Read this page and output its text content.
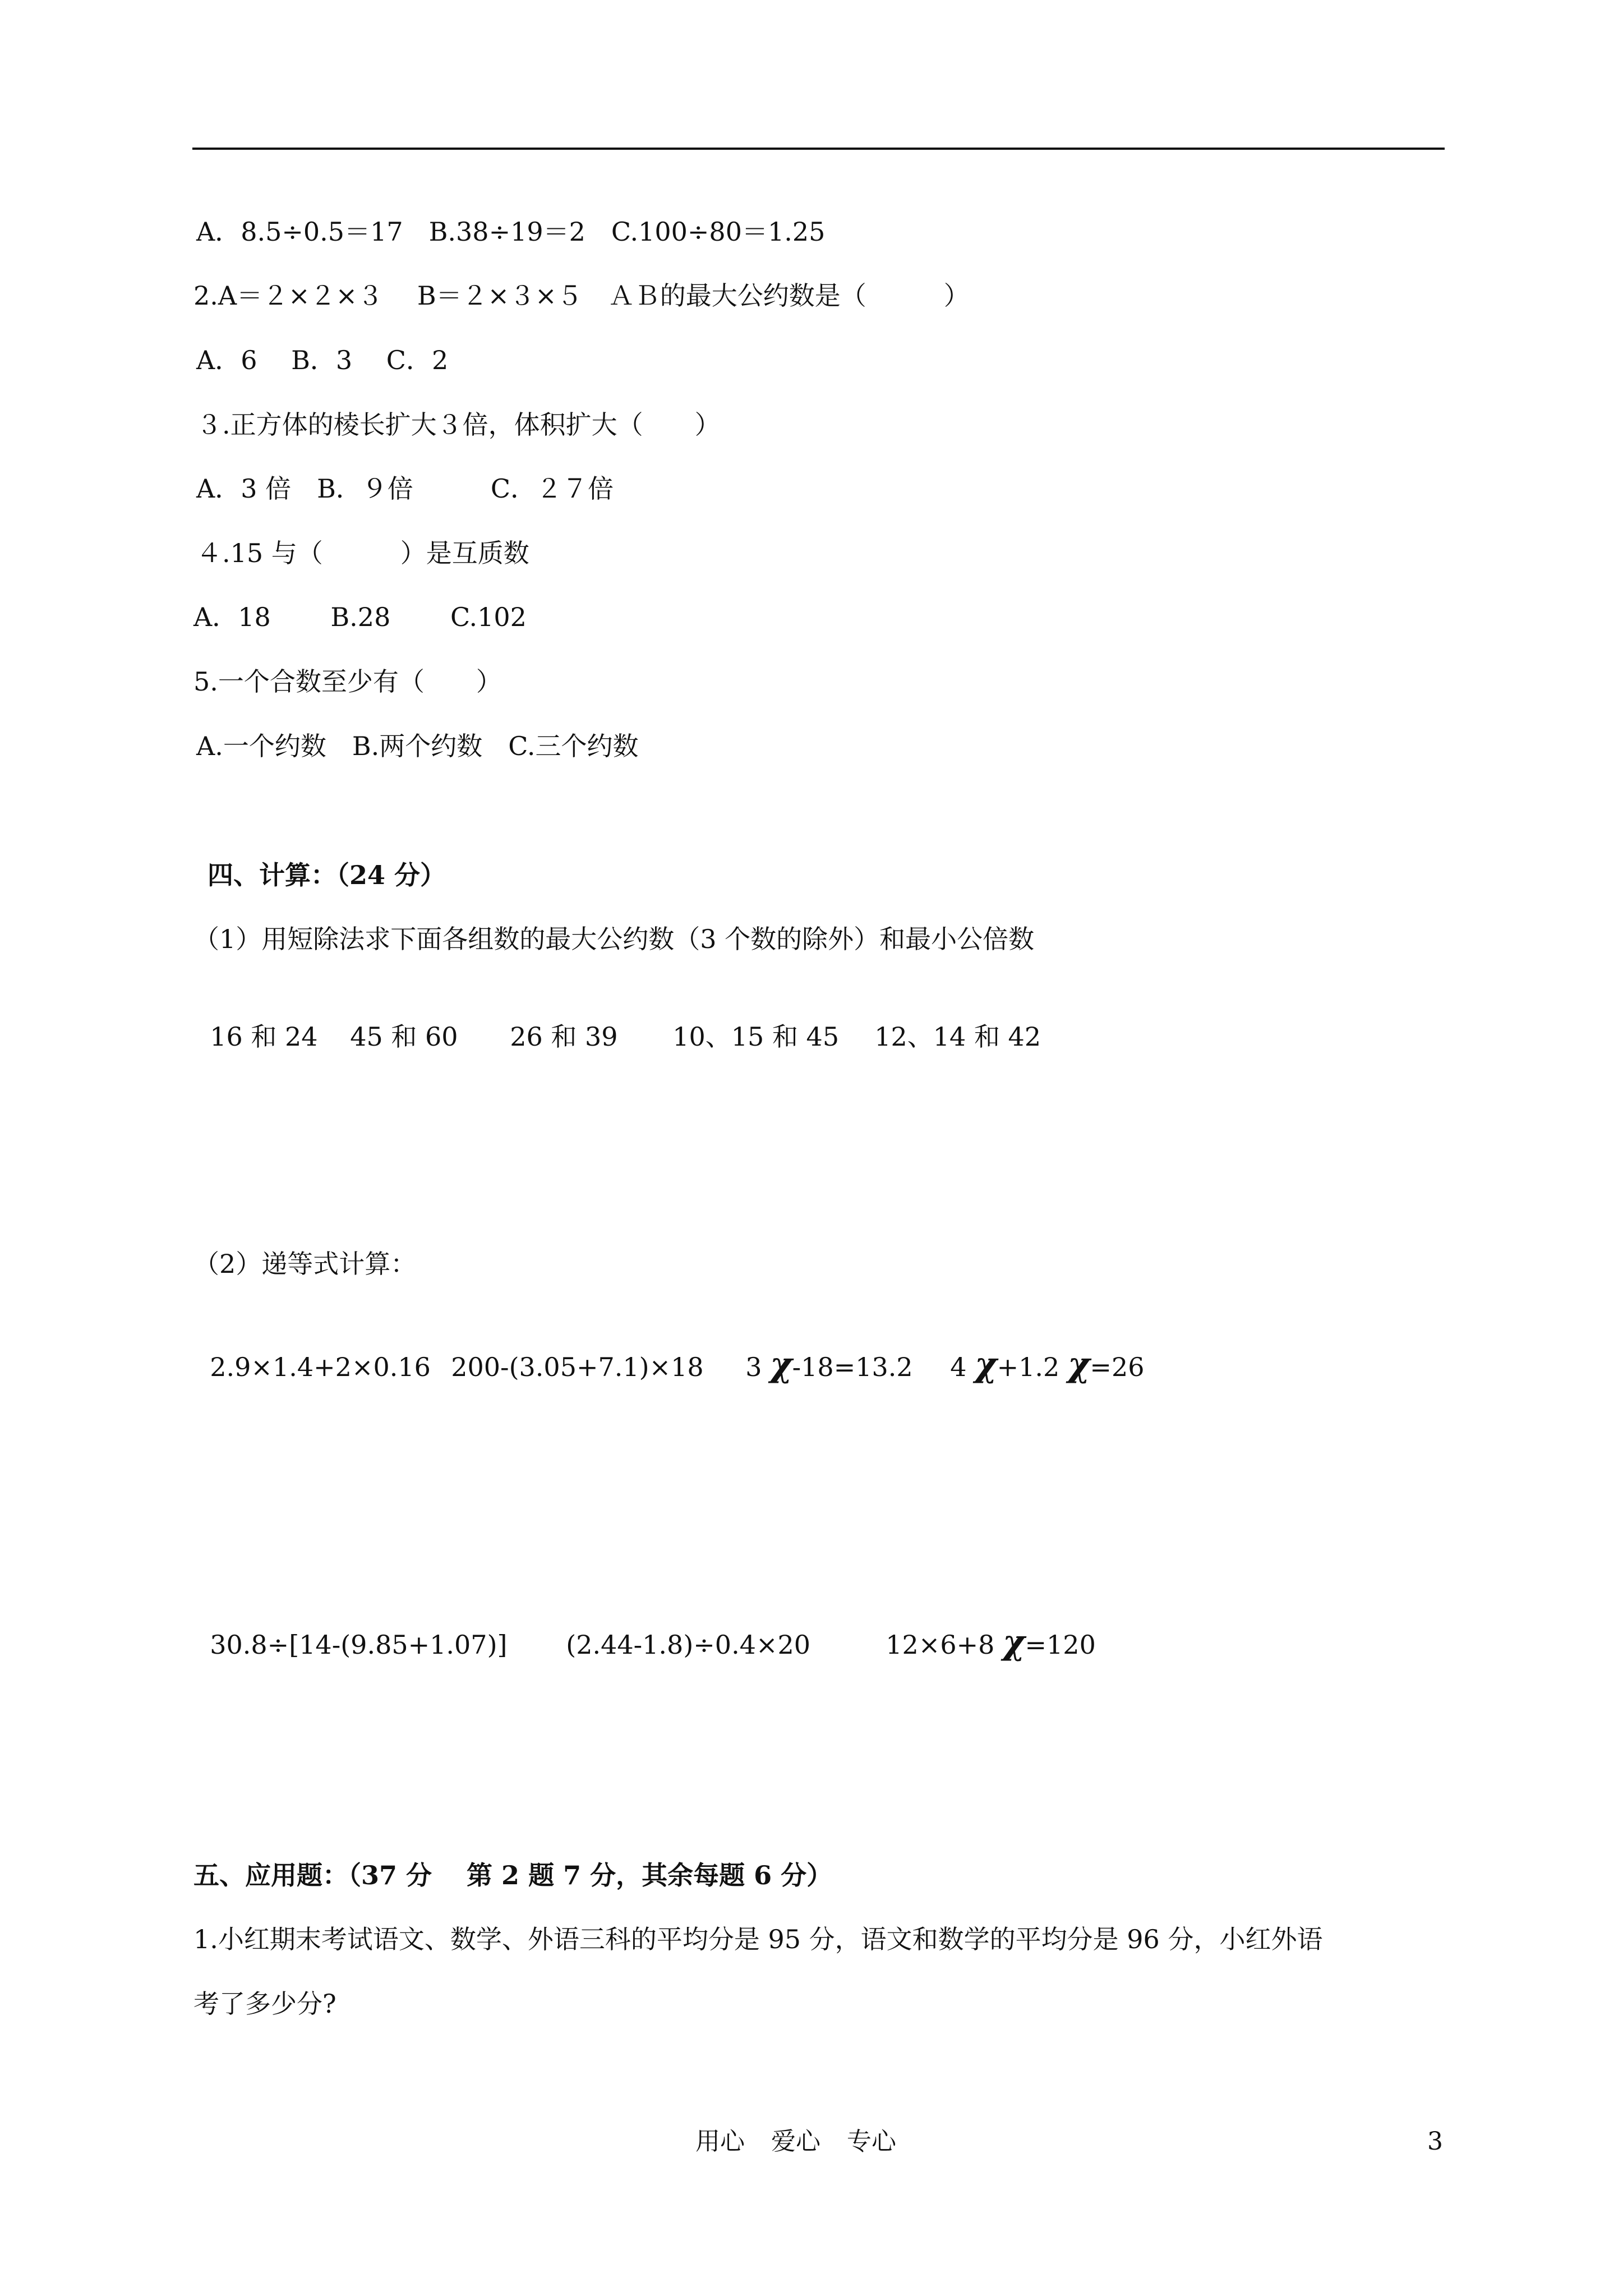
A．8.5÷0.5＝17　B.38÷19＝2　C.100÷80＝1.25
2.A＝２×２×３　 B＝２×３×５　ＡＢ的最大公约数是（　　　）
A．6　 B．3　 C．2
３.正方体的棱长扩大３倍，体积扩大（　　）
A．3 倍　B．９倍　　　C．２７倍
４.15 与（　　　）是互质数
A．18　　 B.28　　 C.102
5.一个合数至少有（　　）
A.一个约数　B.两个约数　C.三个约数
四、计算：（24 分）
（1）用短除法求下面各组数的最大公约数（3 个数的除外）和最小公倍数

16 和 24 45 和 60 26 和 39 10、15 和 45 12、14 和 42

（2）递等式计算：

2.9×1.4+2×0.16 200-(3.05+7.1)×18 3 χ-18=13.2 4 χ+1.2 χ=26

30.8÷[14-(9.85+1.07)] (2.44-1.8)÷0.4×20	12×6+8 χ=120

五、应用题：（37 分　 第 2 题 7 分，其余每题 6 分）
1.小红期末考试语文、数学、外语三科的平均分是 95 分，语文和数学的平均分是 96 分，小红外语
考了多少分?
用心 爱心 专心	3
